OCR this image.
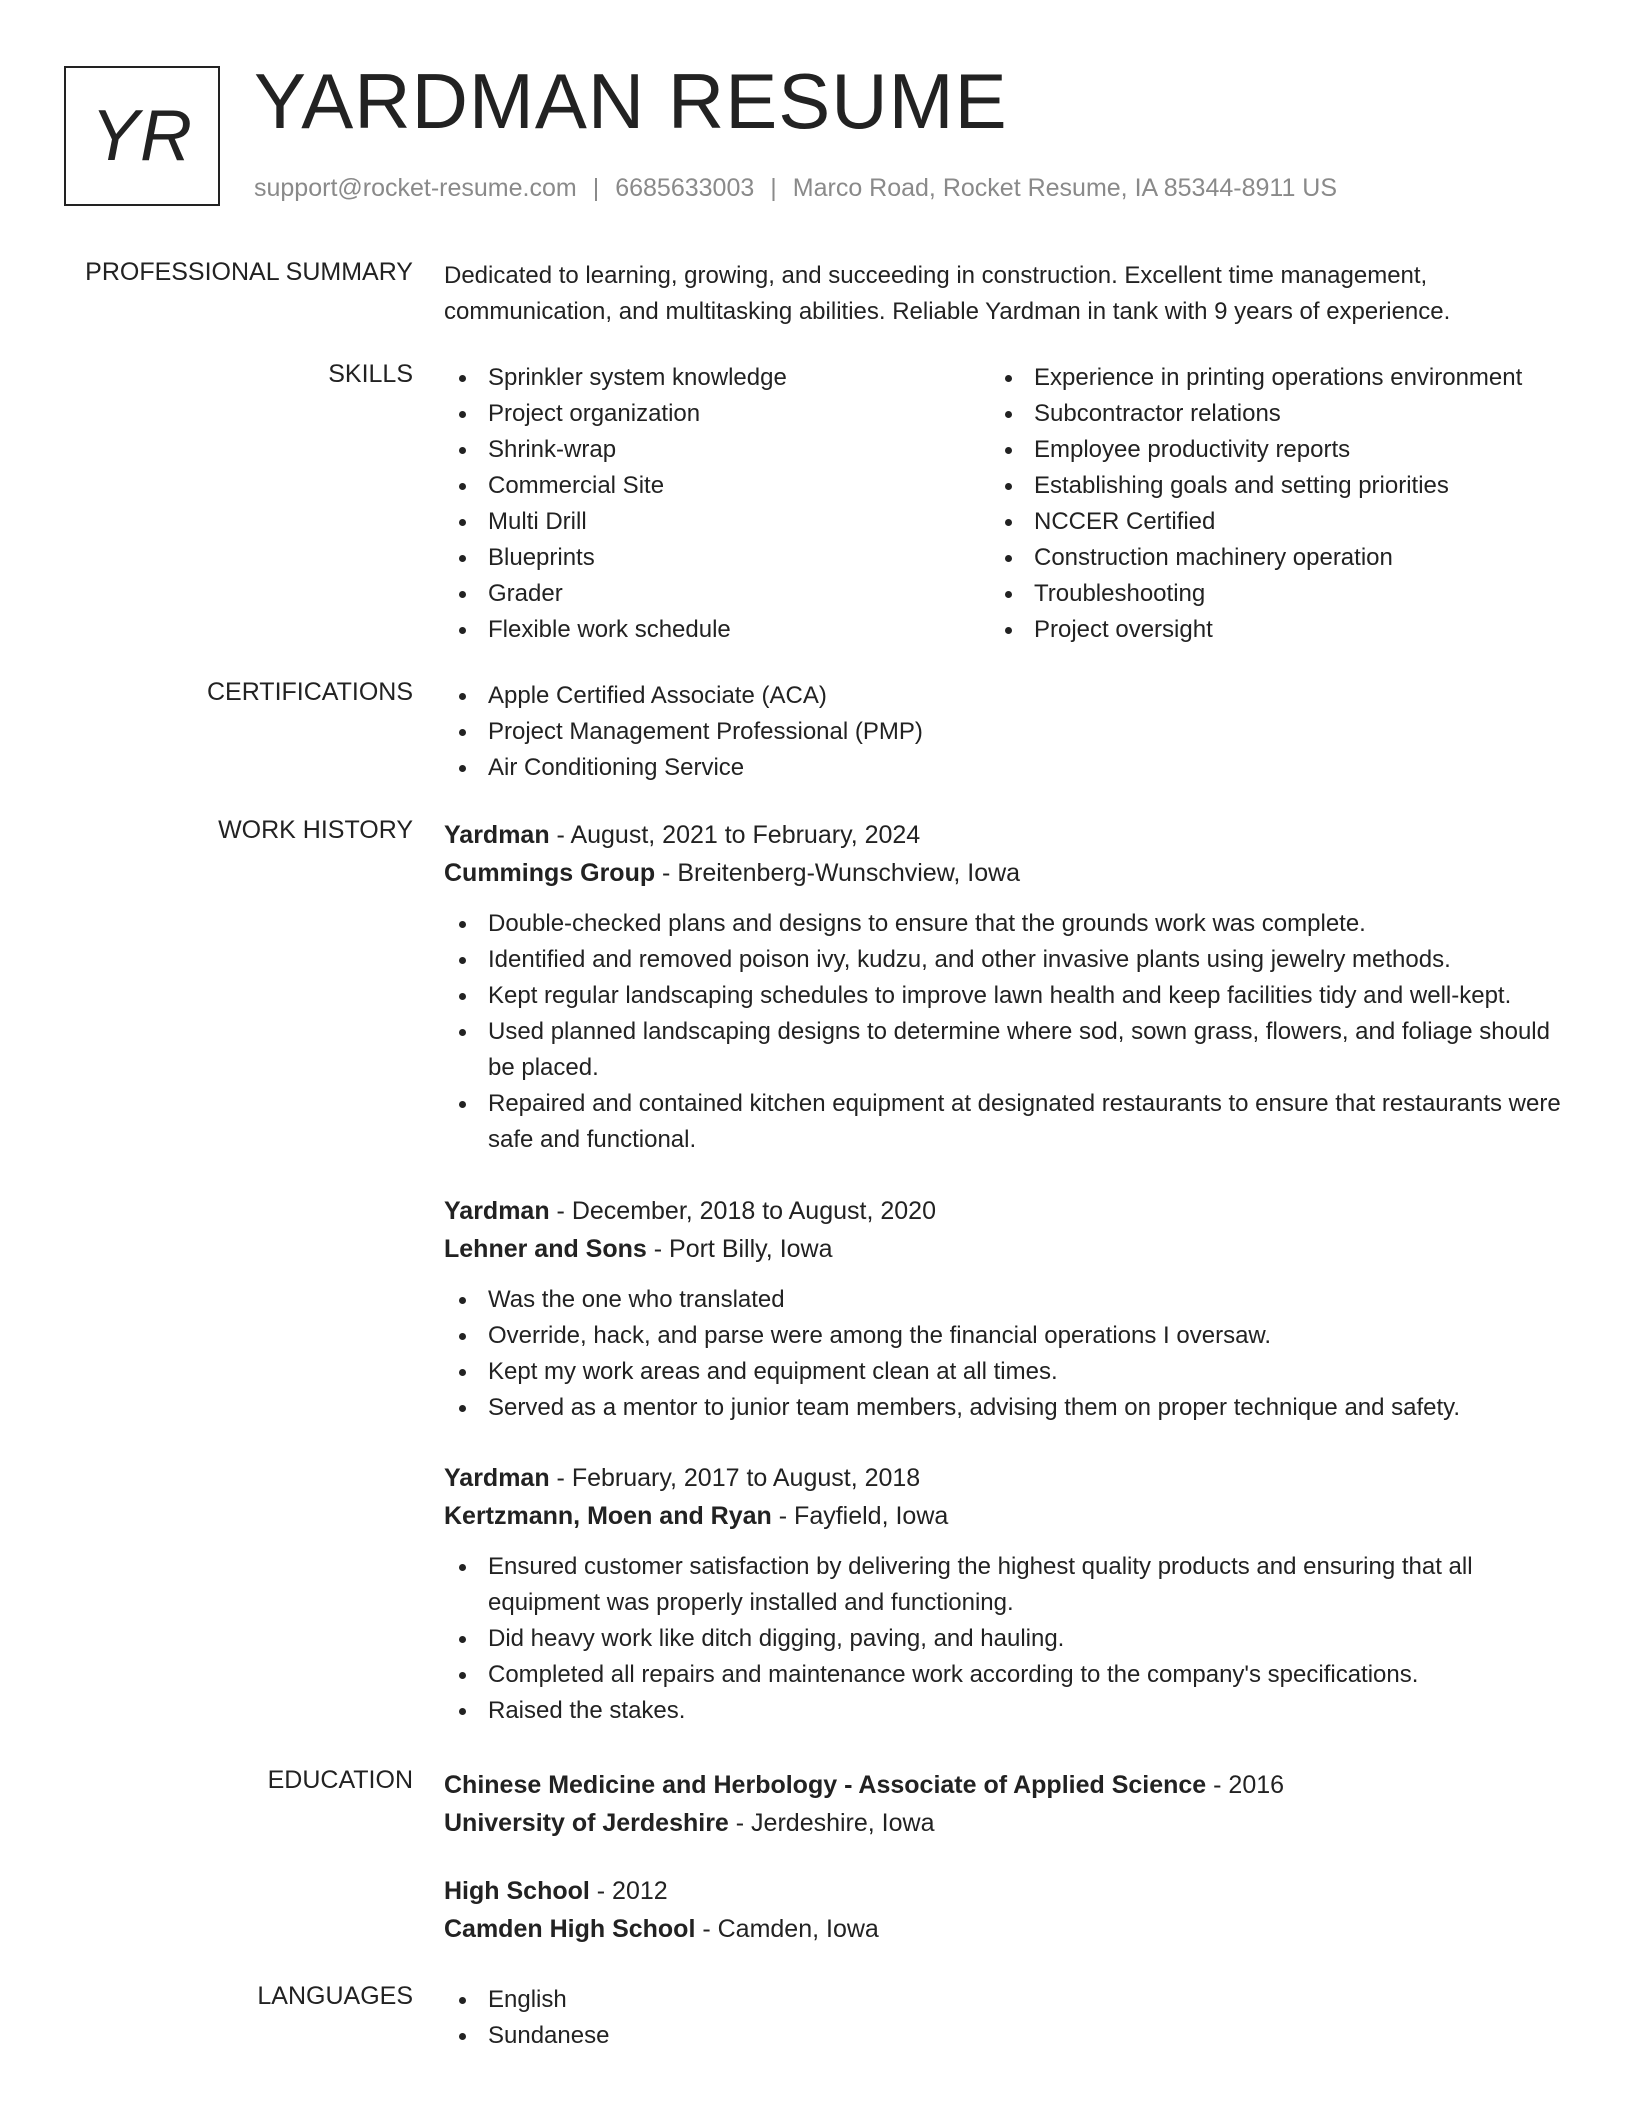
YR YARDMAN RESUME
support@rocket-resume.com | 6685633003 | Marco Road, Rocket Resume, IA 85344-8911 US
PROFESSIONAL SUMMARY Dedicated to learning, growing, and succeeding in construction. Excellent time management, communication, and multitasking abilities. Reliable Yardman in tank with 9 years of experience.

SKILLS	Sprinkler system knowledge
Project organization
Shrink-wrap
Commercial Site
Multi Drill
Blueprints
Grader
Flexible work schedule
Experience in printing operations environment
Subcontractor relations
Employee productivity reports
Establishing goals and setting priorities
NCCER Certified
Construction machinery operation
Troubleshooting
Project oversight
CERTIFICATIONS	Apple Certified Associate (ACA)
Project Management Professional (PMP)
Air Conditioning Service
WORK HISTORY Yardman - August, 2021 to February, 2024
Cummings Group - Breitenberg-Wunschview, Iowa
Double-checked plans and designs to ensure that the grounds work was complete.
Identified and removed poison ivy, kudzu, and other invasive plants using jewelry methods.
Kept regular landscaping schedules to improve lawn health and keep facilities tidy and well-kept.
Used planned landscaping designs to determine where sod, sown grass, flowers, and foliage should be placed.
Repaired and contained kitchen equipment at designated restaurants to ensure that restaurants were safe and functional.
Yardman - December, 2018 to August, 2020
Lehner and Sons - Port Billy, Iowa
Was the one who translated
Override, hack, and parse were among the financial operations I oversaw.
Kept my work areas and equipment clean at all times.
Served as a mentor to junior team members, advising them on proper technique and safety.
Yardman - February, 2017 to August, 2018
Kertzmann, Moen and Ryan - Fayfield, Iowa
Ensured customer satisfaction by delivering the highest quality products and ensuring that all equipment was properly installed and functioning.
Did heavy work like ditch digging, paving, and hauling.
Completed all repairs and maintenance work according to the company's specifications.
Raised the stakes.
EDUCATION Chinese Medicine and Herbology - Associate of Applied Science - 2016
University of Jerdeshire - Jerdeshire, Iowa
High School - 2012
Camden High School - Camden, Iowa
LANGUAGES	English
Sundanese
